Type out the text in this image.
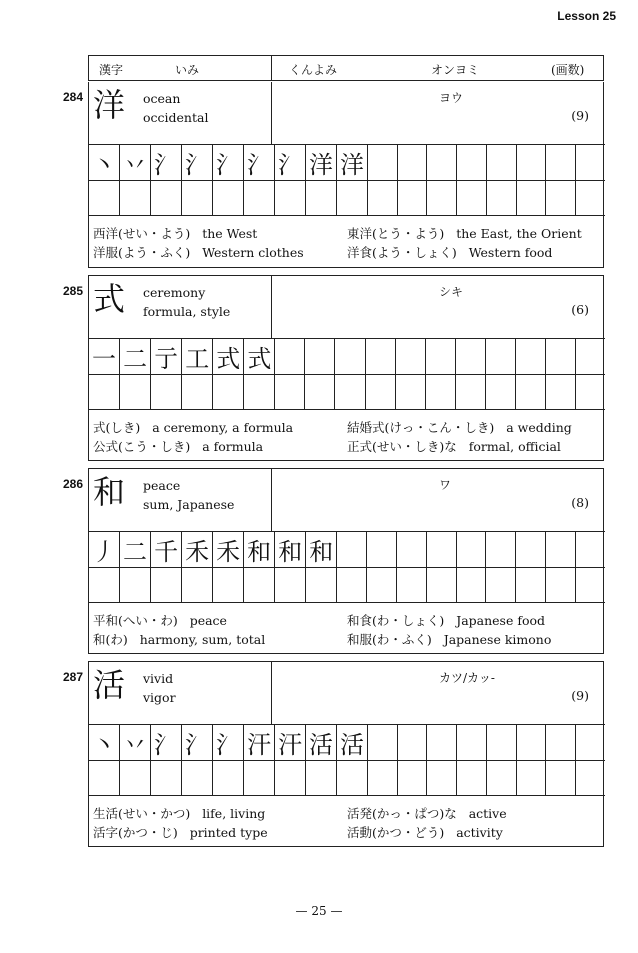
Lesson 25
漢字	いみ	くんよみ	オンヨミ	(画数)
284 洋 ocean
occidental
ヨウ
(9)
丶	丷	氵	氵	氵	氵	氵	洋	洋								

西洋(せい・よう) the West	東洋(とう・よう) the East, the Orient
洋服(よう・ふく) Western clothes	洋食(よう・しょく) Western food
285 式 ceremony
formula, style
シキ
(6)
一	二	亍	工	式	式											

式(しき) a ceremony, a formula	結婚式(けっ・こん・しき) a wedding
公式(こう・しき) a formula	正式(せい・しき)な formal, official
286 和 peace
sum, Japanese
ワ
(8)
丿	二	千	禾	禾	和	和	和									

平和(へい・わ) peace	和食(わ・しょく) Japanese food
和(わ) harmony, sum, total	和服(わ・ふく) Japanese kimono
287 活 vivid
vigor
カツ/カッ-
(9)
丶	丷	氵	氵	氵	汗	汗	活	活								

生活(せい・かつ) life, living	活発(かっ・ぱつ)な active
活字(かつ・じ) printed type	活動(かつ・どう) activity
— 25 —
